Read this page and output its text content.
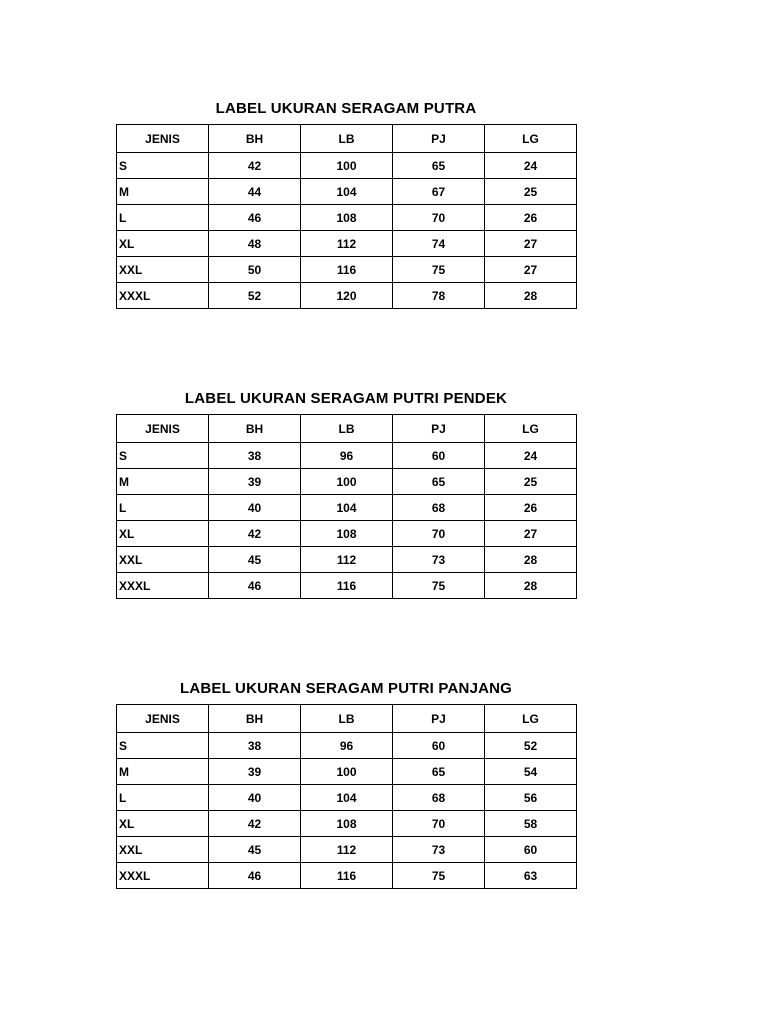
LABEL UKURAN SERAGAM PUTRA
JENIS	BH	LB	PJ	LG
S	42	100	65	24
M	44	104	67	25
L	46	108	70	26
XL	48	112	74	27
XXL	50	116	75	27
XXXL	52	120	78	28
LABEL UKURAN SERAGAM PUTRI PENDEK
JENIS	BH	LB	PJ	LG
S	38	96	60	24
M	39	100	65	25
L	40	104	68	26
XL	42	108	70	27
XXL	45	112	73	28
XXXL	46	116	75	28
LABEL UKURAN SERAGAM PUTRI PANJANG
JENIS	BH	LB	PJ	LG
S	38	96	60	52
M	39	100	65	54
L	40	104	68	56
XL	42	108	70	58
XXL	45	112	73	60
XXXL	46	116	75	63
